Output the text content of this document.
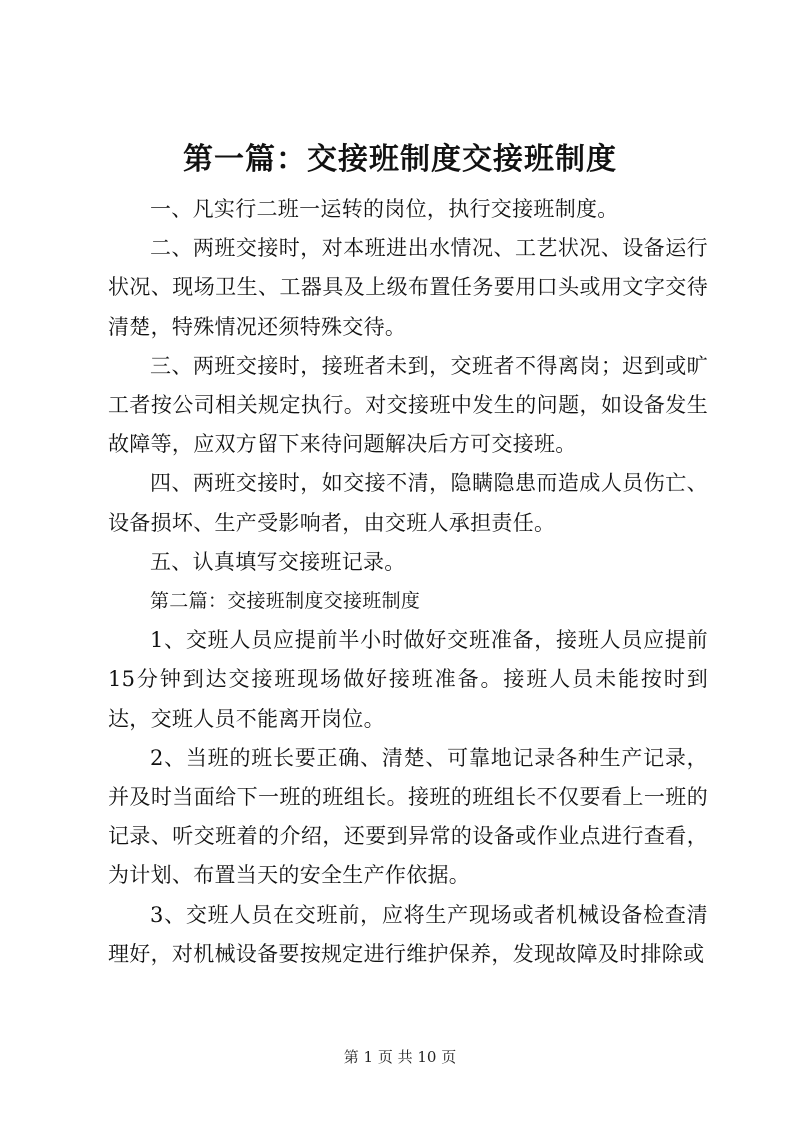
第一篇：交接班制度交接班制度

一、凡实行二班一运转的岗位，执行交接班制度。

二、两班交接时，对本班进出水情况、工艺状况、设备运行状况、现场卫生、工器具及上级布置任务要用口头或用文字交待清楚，特殊情况还须特殊交待。

三、两班交接时，接班者未到，交班者不得离岗；迟到或旷工者按公司相关规定执行。对交接班中发生的问题，如设备发生故障等，应双方留下来待问题解决后方可交接班。

四、两班交接时，如交接不清，隐瞒隐患而造成人员伤亡、设备损坏、生产受影响者，由交班人承担责任。

五、认真填写交接班记录。

第二篇：交接班制度交接班制度

1、交班人员应提前半小时做好交班准备，接班人员应提前15分钟到达交接班现场做好接班准备。接班人员未能按时到达，交班人员不能离开岗位。

2、当班的班长要正确、清楚、可靠地记录各种生产记录，并及时当面给下一班的班组长。接班的班组长不仅要看上一班的记录、听交班着的介绍，还要到异常的设备或作业点进行查看，为计划、布置当天的安全生产作依据。

3、交班人员在交班前，应将生产现场或者机械设备检查清理好，对机械设备要按规定进行维护保养，发现故障及时排除或

第 1 页 共 10 页
